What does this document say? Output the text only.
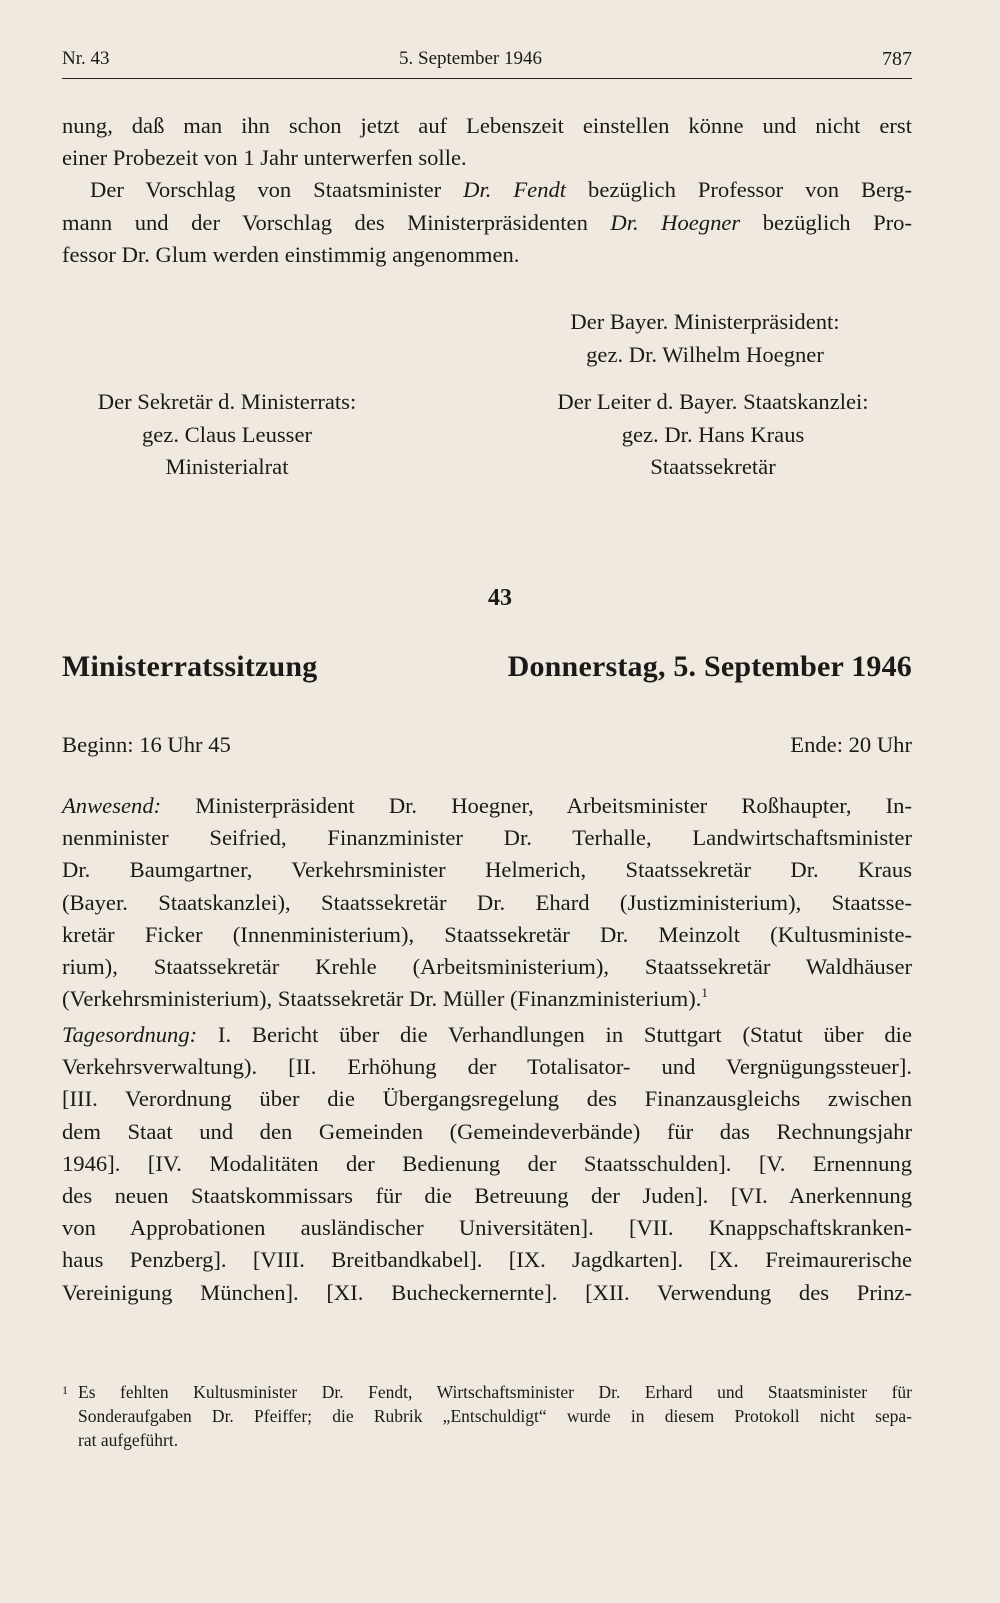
Nr. 43	5. September 1946	787
nung, daß man ihn schon jetzt auf Lebenszeit einstellen könne und nicht erst
einer Probezeit von 1 Jahr unterwerfen solle.
Der Vorschlag von Staatsminister Dr. Fendt bezüglich Professor von Berg-
mann und der Vorschlag des Ministerpräsidenten Dr. Hoegner bezüglich Pro-
fessor Dr. Glum werden einstimmig angenommen.
Der Bayer. Ministerpräsident:
gez. Dr. Wilhelm Hoegner
Der Sekretär d. Ministerrats:
gez. Claus Leusser
Ministerialrat
Der Leiter d. Bayer. Staatskanzlei:
gez. Dr. Hans Kraus
Staatssekretär
43
Ministerratssitzung	Donnerstag, 5. September 1946
Beginn: 16 Uhr 45	Ende: 20 Uhr
Anwesend: Ministerpräsident Dr. Hoegner, Arbeitsminister Roßhaupter, In-
nenminister Seifried, Finanzminister Dr. Terhalle, Landwirtschaftsminister
Dr. Baumgartner, Verkehrsminister Helmerich, Staatssekretär Dr. Kraus
(Bayer. Staatskanzlei), Staatssekretär Dr. Ehard (Justizministerium), Staatsse-
kretär Ficker (Innenministerium), Staatssekretär Dr. Meinzolt (Kultusministe-
rium), Staatssekretär Krehle (Arbeitsministerium), Staatssekretär Waldhäuser
(Verkehrsministerium), Staatssekretär Dr. Müller (Finanzministerium).$^1$
Tagesordnung: I. Bericht über die Verhandlungen in Stuttgart (Statut über die
Verkehrsverwaltung). [II. Erhöhung der Totalisator- und Vergnügungssteuer].
[III. Verordnung über die Übergangsregelung des Finanzausgleichs zwischen
dem Staat und den Gemeinden (Gemeindeverbände) für das Rechnungsjahr
1946]. [IV. Modalitäten der Bedienung der Staatsschulden]. [V. Ernennung
des neuen Staatskommissars für die Betreuung der Juden]. [VI. Anerkennung
von Approbationen ausländischer Universitäten]. [VII. Knappschaftskranken-
haus Penzberg]. [VIII. Breitbandkabel]. [IX. Jagdkarten]. [X. Freimaurerische
Vereinigung München]. [XI. Bucheckernernte]. [XII. Verwendung des Prinz-
1 Es fehlten Kultusminister Dr. Fendt, Wirtschaftsminister Dr. Erhard und Staatsminister für
Sonderaufgaben Dr. Pfeiffer; die Rubrik „Entschuldigt“ wurde in diesem Protokoll nicht sepa-
rat aufgeführt.
